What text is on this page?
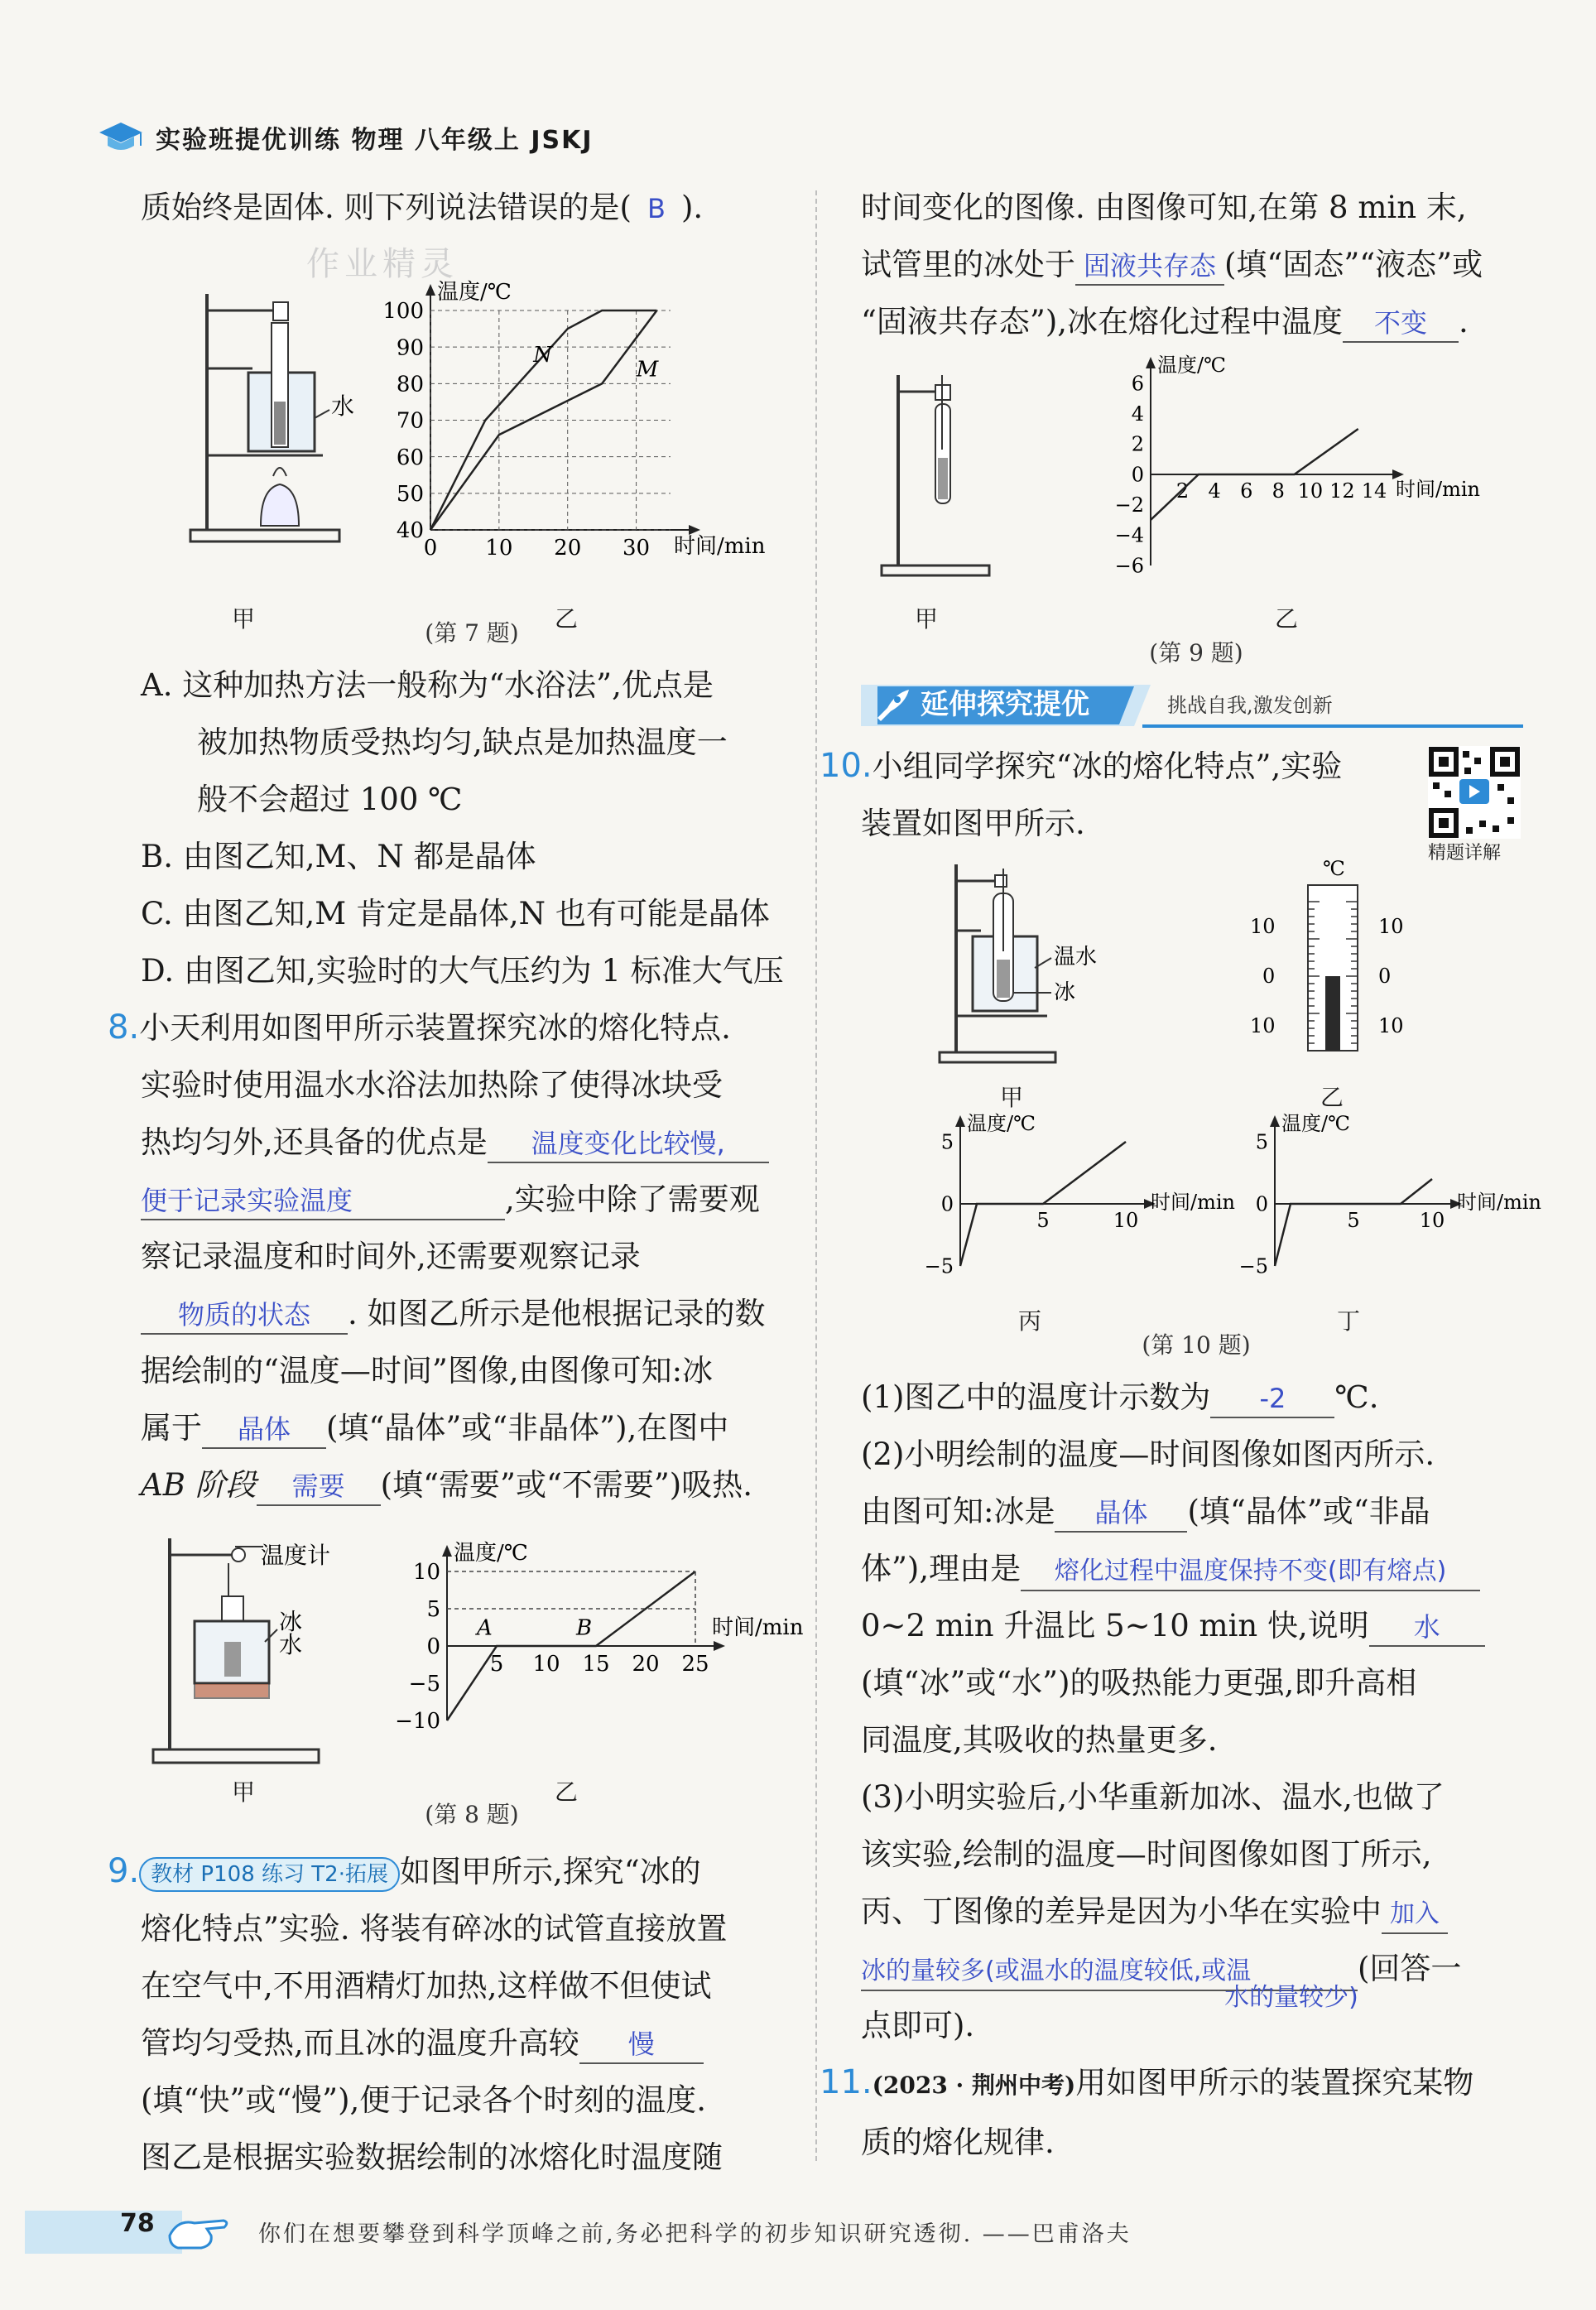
实验班提优训练 物理 八年级上 JSKJ

质始终是固体. 则下列说法错误的是( B ).

作业精灵
水
甲
温度/℃
时间/min
100
90
80
70
60
50
40
0 10 20 30
N
M
乙

(第 7 题)

A. 这种加热方法一般称为“水浴法”,优点是

被加热物质受热均匀,缺点是加热温度一

般不会超过 100 ℃

B. 由图乙知,M、N 都是晶体

C. 由图乙知,M 肯定是晶体,N 也有可能是晶体

D. 由图乙知,实验时的大气压约为 1 标准大气压

8.小天利用如图甲所示装置探究冰的熔化特点.

实验时使用温水水浴法加热除了使得冰块受

热均匀外,还具备的优点是 温度变化比较慢,

便于记录实验温度	,实验中除了需要观

察记录温度和时间外,还需要观察记录

物质的状态 . 如图乙所示是他根据记录的数

据绘制的“温度—时间”图像,由图像可知:冰

属于 晶体 (填“晶体”或“非晶体”),在图中

AB 阶段 需要 (填“需要”或“不需要”)吸热.

温度计
冰
水
甲
温度/℃
时间/min
10
5
0
−5
−10
5 10 15 20 25
A	B
乙

(第 8 题)

9. 教材 P108 练习 T2·拓展 如图甲所示,探究“冰的

熔化特点”实验. 将装有碎冰的试管直接放置

在空气中,不用酒精灯加热,这样做不但使试

管均匀受热,而且冰的温度升高较 慢

(填“快”或“慢”),便于记录各个时刻的温度.

图乙是根据实验数据绘制的冰熔化时温度随

时间变化的图像. 由图像可知,在第 8 min 末,

试管里的冰处于 固液共存态 (填“固态”“液态”或

“固液共存态”),冰在熔化过程中温度 不变 .

甲
温度/℃
时间/min
6
4
2
0
−2
−4
−6
2 4 6 8 10 12 14
乙

(第 9 题)

延伸探究提优	挑战自我,激发创新

10.小组同学探究“冰的熔化特点”,实验

装置如图甲所示.

精题详解
温水
冰
甲
℃
10
0
10
10
0
10
乙
温度/℃
时间/min
5
0
−5
5	10
温度/℃
时间/min
5
0
−5
5	10
丙	丁

(第 10 题)

(1)图乙中的温度计示数为 -2 ℃.

(2)小明绘制的温度—时间图像如图丙所示.

由图可知:冰是 晶体 (填“晶体”或“非晶

体”),理由是 熔化过程中温度保持不变(即有熔点)

0~2 min 升温比 5~10 min 快,说明 水

(填“冰”或“水”)的吸热能力更强,即升高相

同温度,其吸收的热量更多.

(3)小明实验后,小华重新加冰、温水,也做了

该实验,绘制的温度—时间图像如图丁所示,

丙、丁图像的差异是因为小华在实验中 加入

冰的量较多(或温水的温度较低,或温	(回答一
水的量较少)

点即可).

11.(2023 · 荆州中考)用如图甲所示的装置探究某物

质的熔化规律.

78	你们在想要攀登到科学顶峰之前,务必把科学的初步知识研究透彻. ——巴甫洛夫
